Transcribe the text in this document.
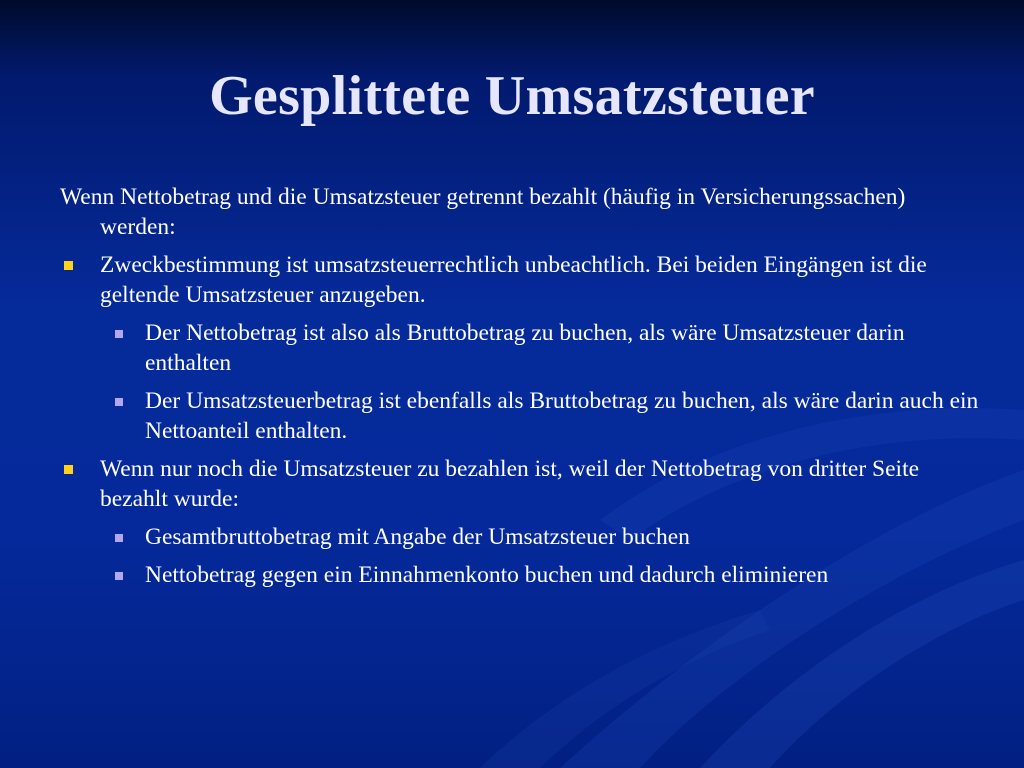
Gesplittete Umsatzsteuer
Wenn Nettobetrag und die Umsatzsteuer getrennt bezahlt (häufig in Versicherungssachen) werden:
Zweckbestimmung ist umsatzsteuerrechtlich unbeachtlich. Bei beiden Eingängen ist die geltende Umsatzsteuer anzugeben.
Der Nettobetrag ist also als Bruttobetrag zu buchen, als wäre Umsatzsteuer darin enthalten
Der Umsatzsteuerbetrag ist ebenfalls als Bruttobetrag zu buchen, als wäre darin auch ein Nettoanteil enthalten.
Wenn nur noch die Umsatzsteuer zu bezahlen ist, weil der Nettobetrag von dritter Seite bezahlt wurde:
Gesamtbruttobetrag mit Angabe der Umsatzsteuer buchen
Nettobetrag gegen ein Einnahmenkonto buchen und dadurch eliminieren
